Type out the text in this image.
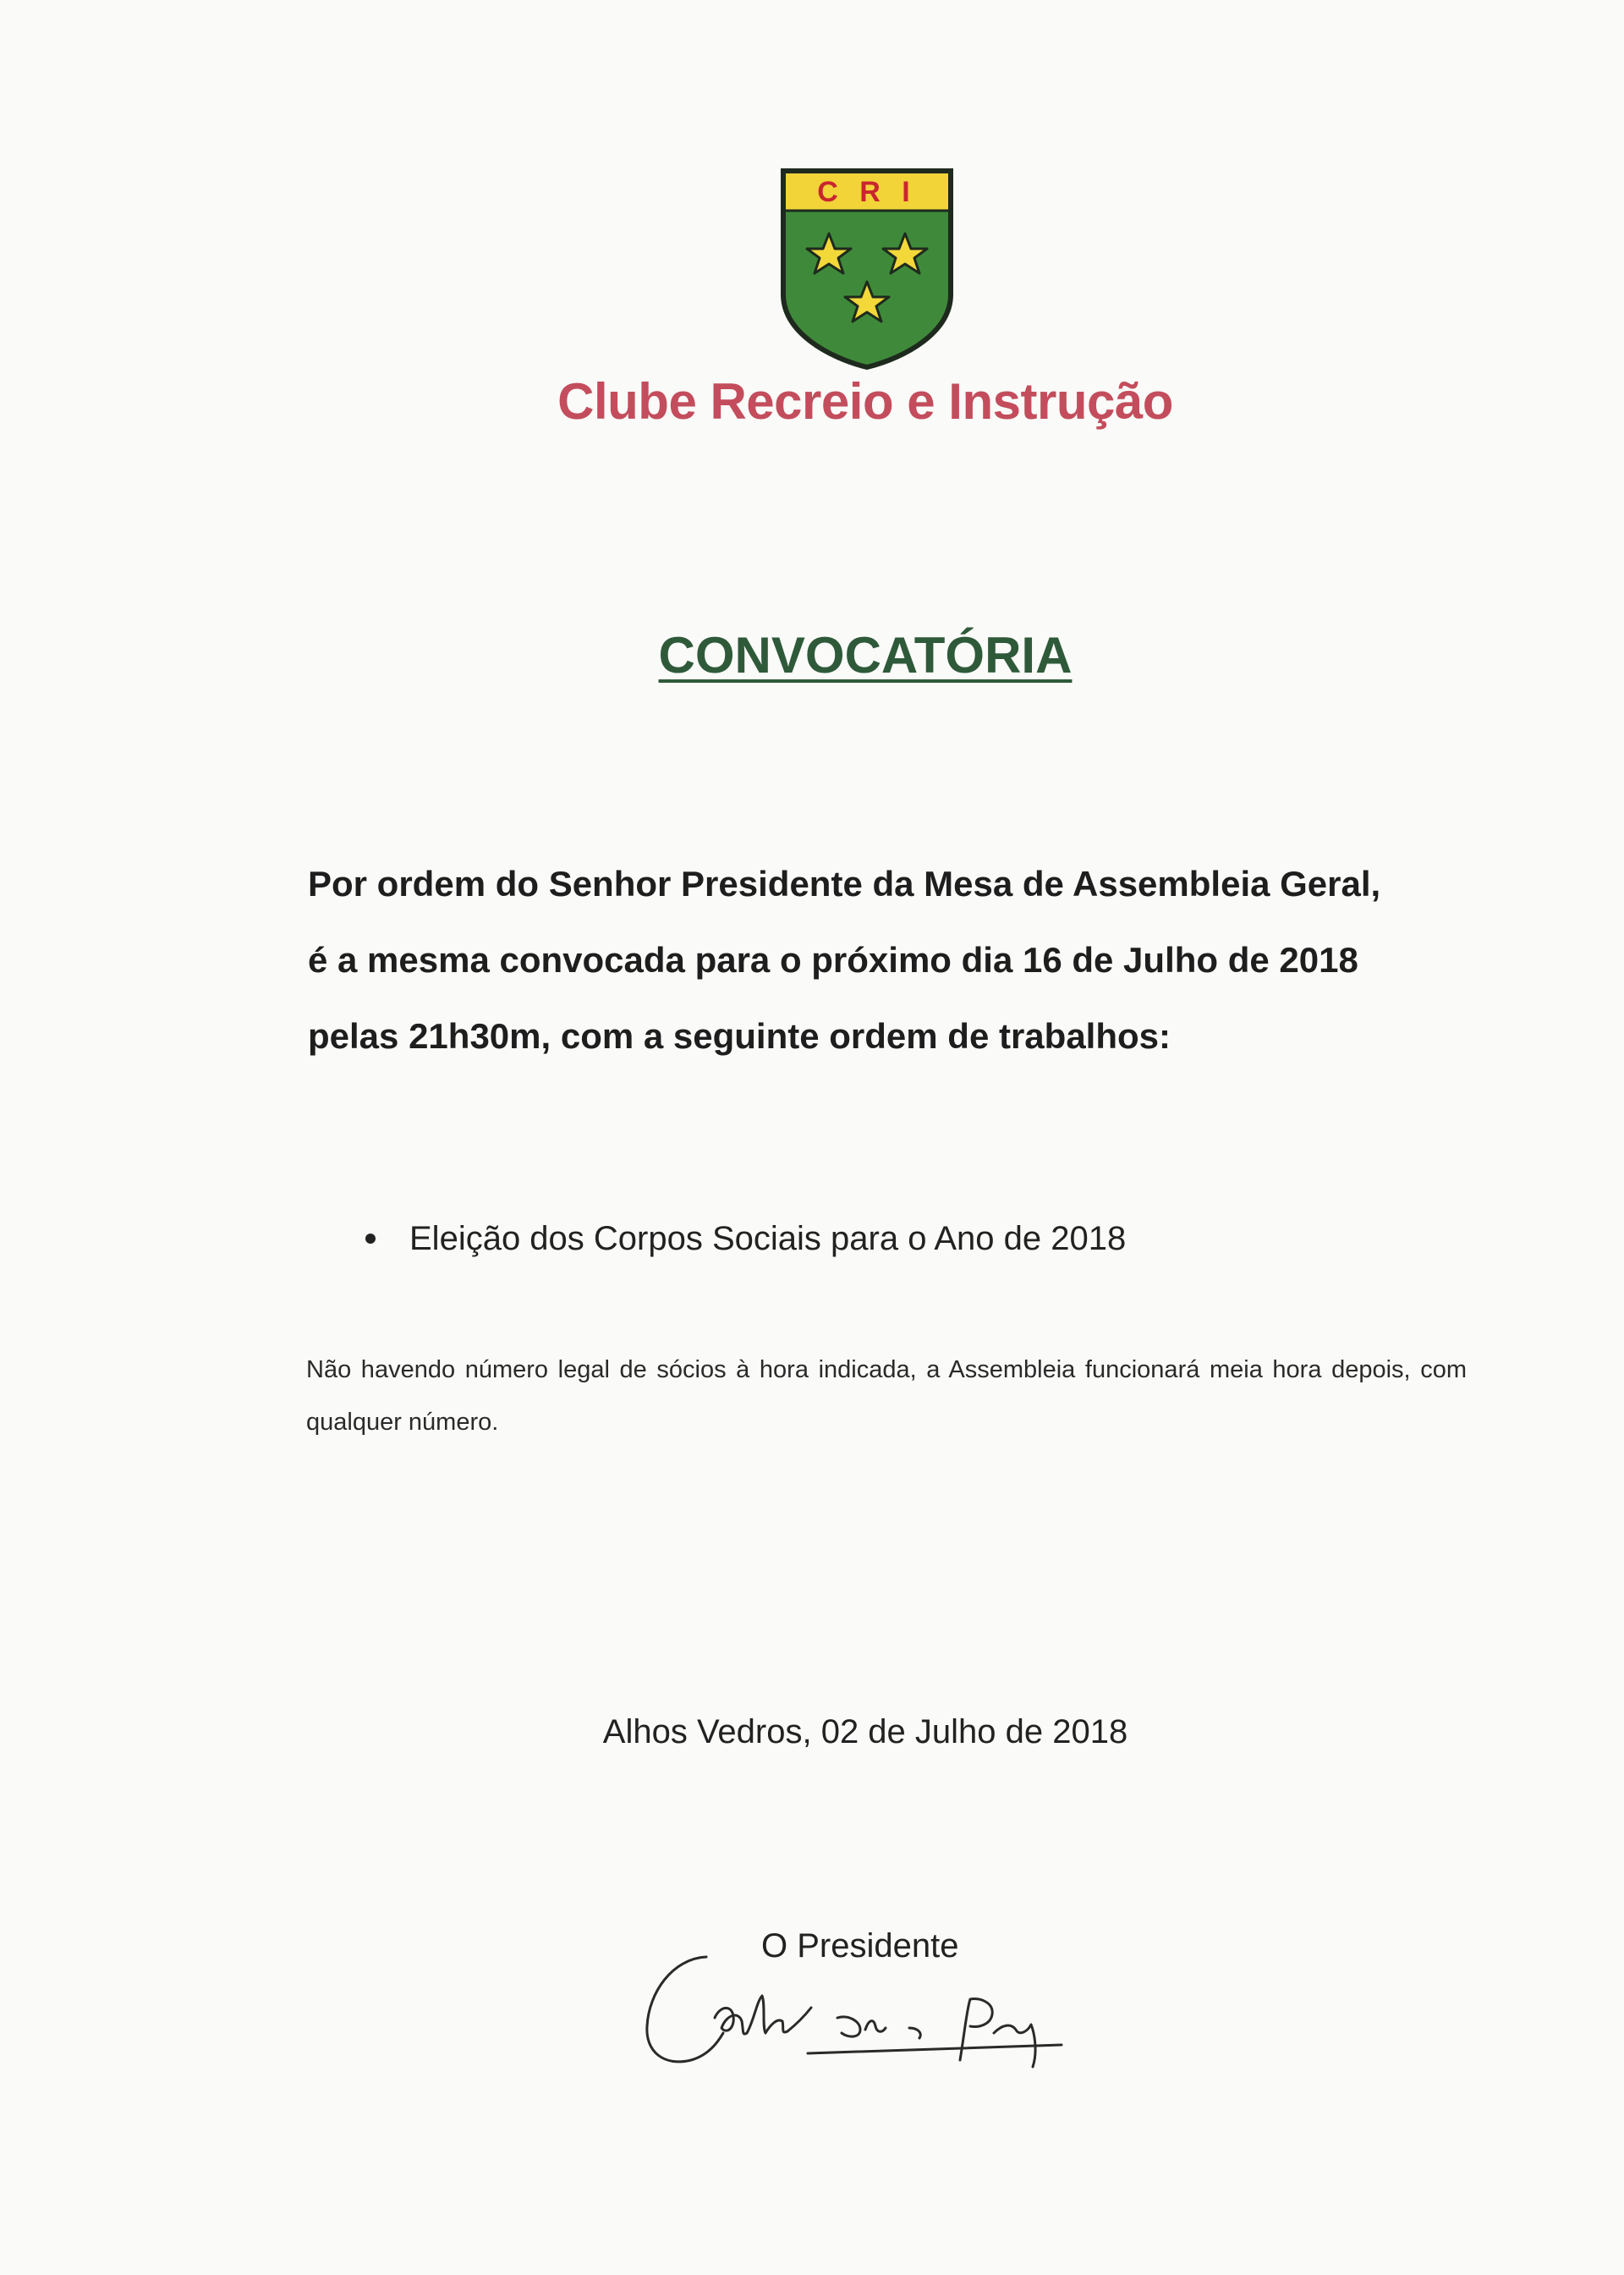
C R I
Clube Recreio e Instrução
CONVOCATÓRIA
Por ordem do Senhor Presidente da Mesa de Assembleia Geral,
é a mesma convocada para o próximo dia 16 de Julho de 2018
pelas 21h30m, com a seguinte ordem de trabalhos:
Eleição dos Corpos Sociais para o Ano de 2018
Não havendo número legal de sócios à hora indicada, a Assembleia funcionará meia hora depois, com qualquer número.
Alhos Vedros, 02 de Julho de 2018
O Presidente
